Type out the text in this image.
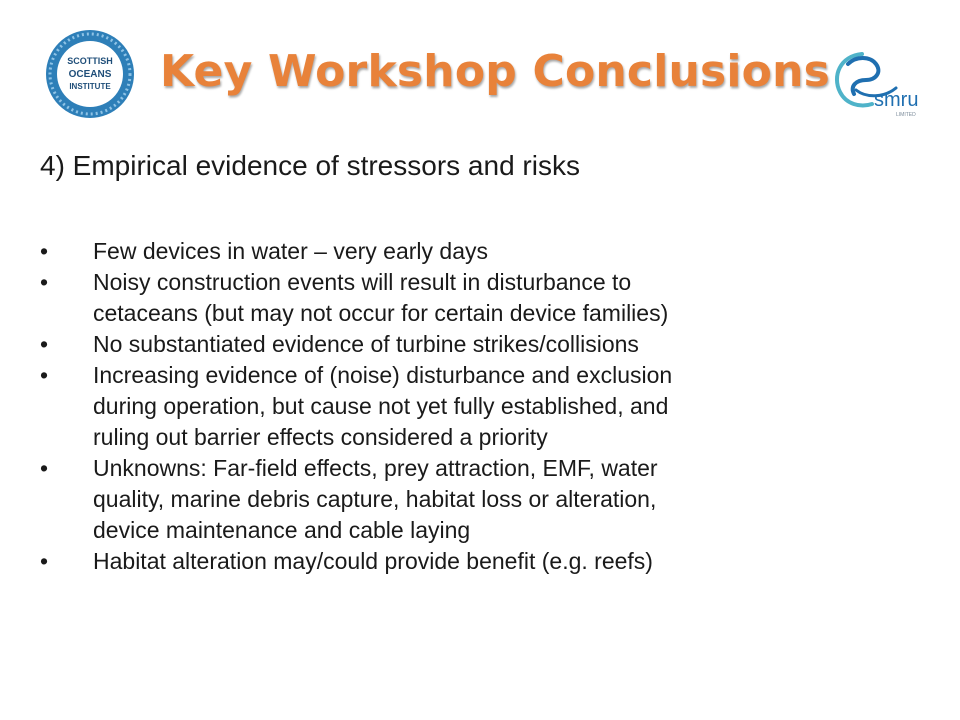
SCOTTISH
OCEANS
INSTITUTE Key Workshop Conclusions
smru
LIMITED
4) Empirical evidence of stressors and risks
•	Few devices in water – very early days
•	Noisy construction events will result in disturbance to
cetaceans (but may not occur for certain device families)
•	No substantiated evidence of turbine strikes/collisions
•	Increasing evidence of (noise) disturbance and exclusion
during operation, but cause not yet fully established, and
ruling out barrier effects considered a priority
•	Unknowns: Far-field effects, prey attraction, EMF, water
quality, marine debris capture, habitat loss or alteration,
device maintenance and cable laying
•	Habitat alteration may/could provide benefit (e.g. reefs)
